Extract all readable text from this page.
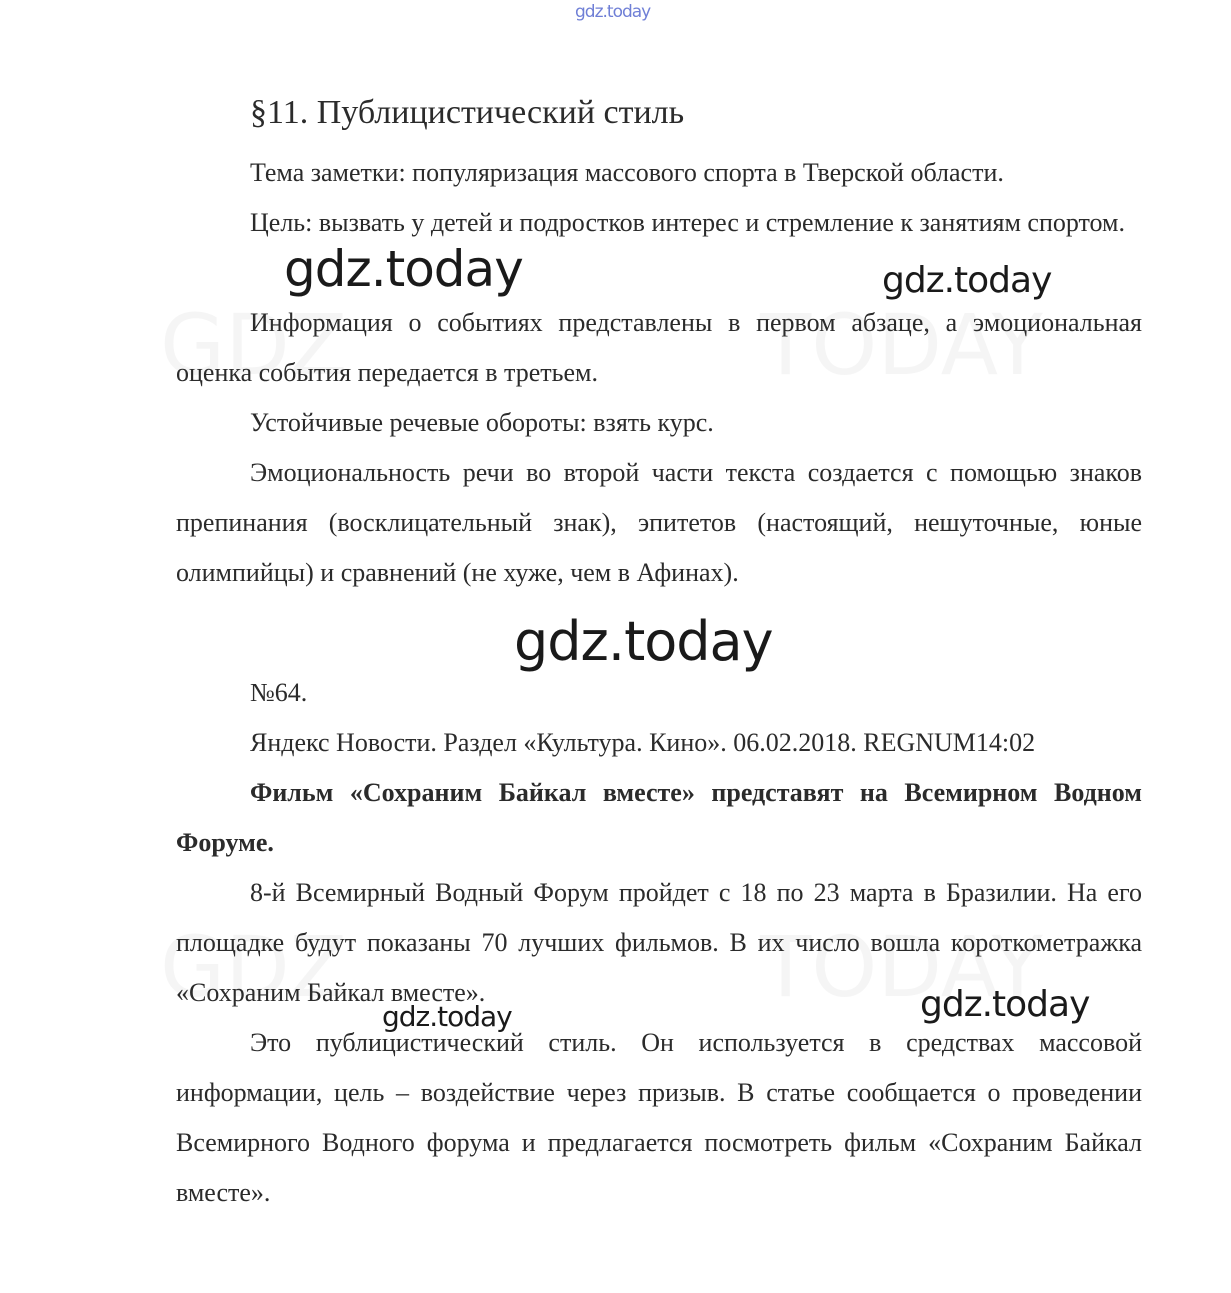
gdz.today
§11. Публицистический стиль
Тема заметки: популяризация массового спорта в Тверской области.
Цель: вызвать у детей и подростков интерес и стремление к занятиям спортом.
Информация о событиях представлены в первом абзаце, а эмоциональная оценка события передается в третьем.
Устойчивые речевые обороты: взять курс.
Эмоциональность речи во второй части текста создается с помощью знаков препинания (восклицательный знак), эпитетов (настоящий, нешуточные, юные олимпийцы) и сравнений (не хуже, чем в Афинах).
№64.
Яндекс Новости. Раздел «Культура. Кино». 06.02.2018. REGNUM14:02
Фильм «Сохраним Байкал вместе» представят на Всемирном Водном Форуме.
8-й Всемирный Водный Форум пройдет с 18 по 23 марта в Бразилии. На его площадке будут показаны 70 лучших фильмов. В их число вошла короткометражка «Сохраним Байкал вместе».
Это публицистический стиль. Он используется в средствах массовой информации, цель – воздействие через призыв. В статье сообщается о проведении Всемирного Водного форума и предлагается посмотреть фильм «Сохраним Байкал вместе».
gdz.today	gdz.today
gdz.today
gdz.today
gdz.today
